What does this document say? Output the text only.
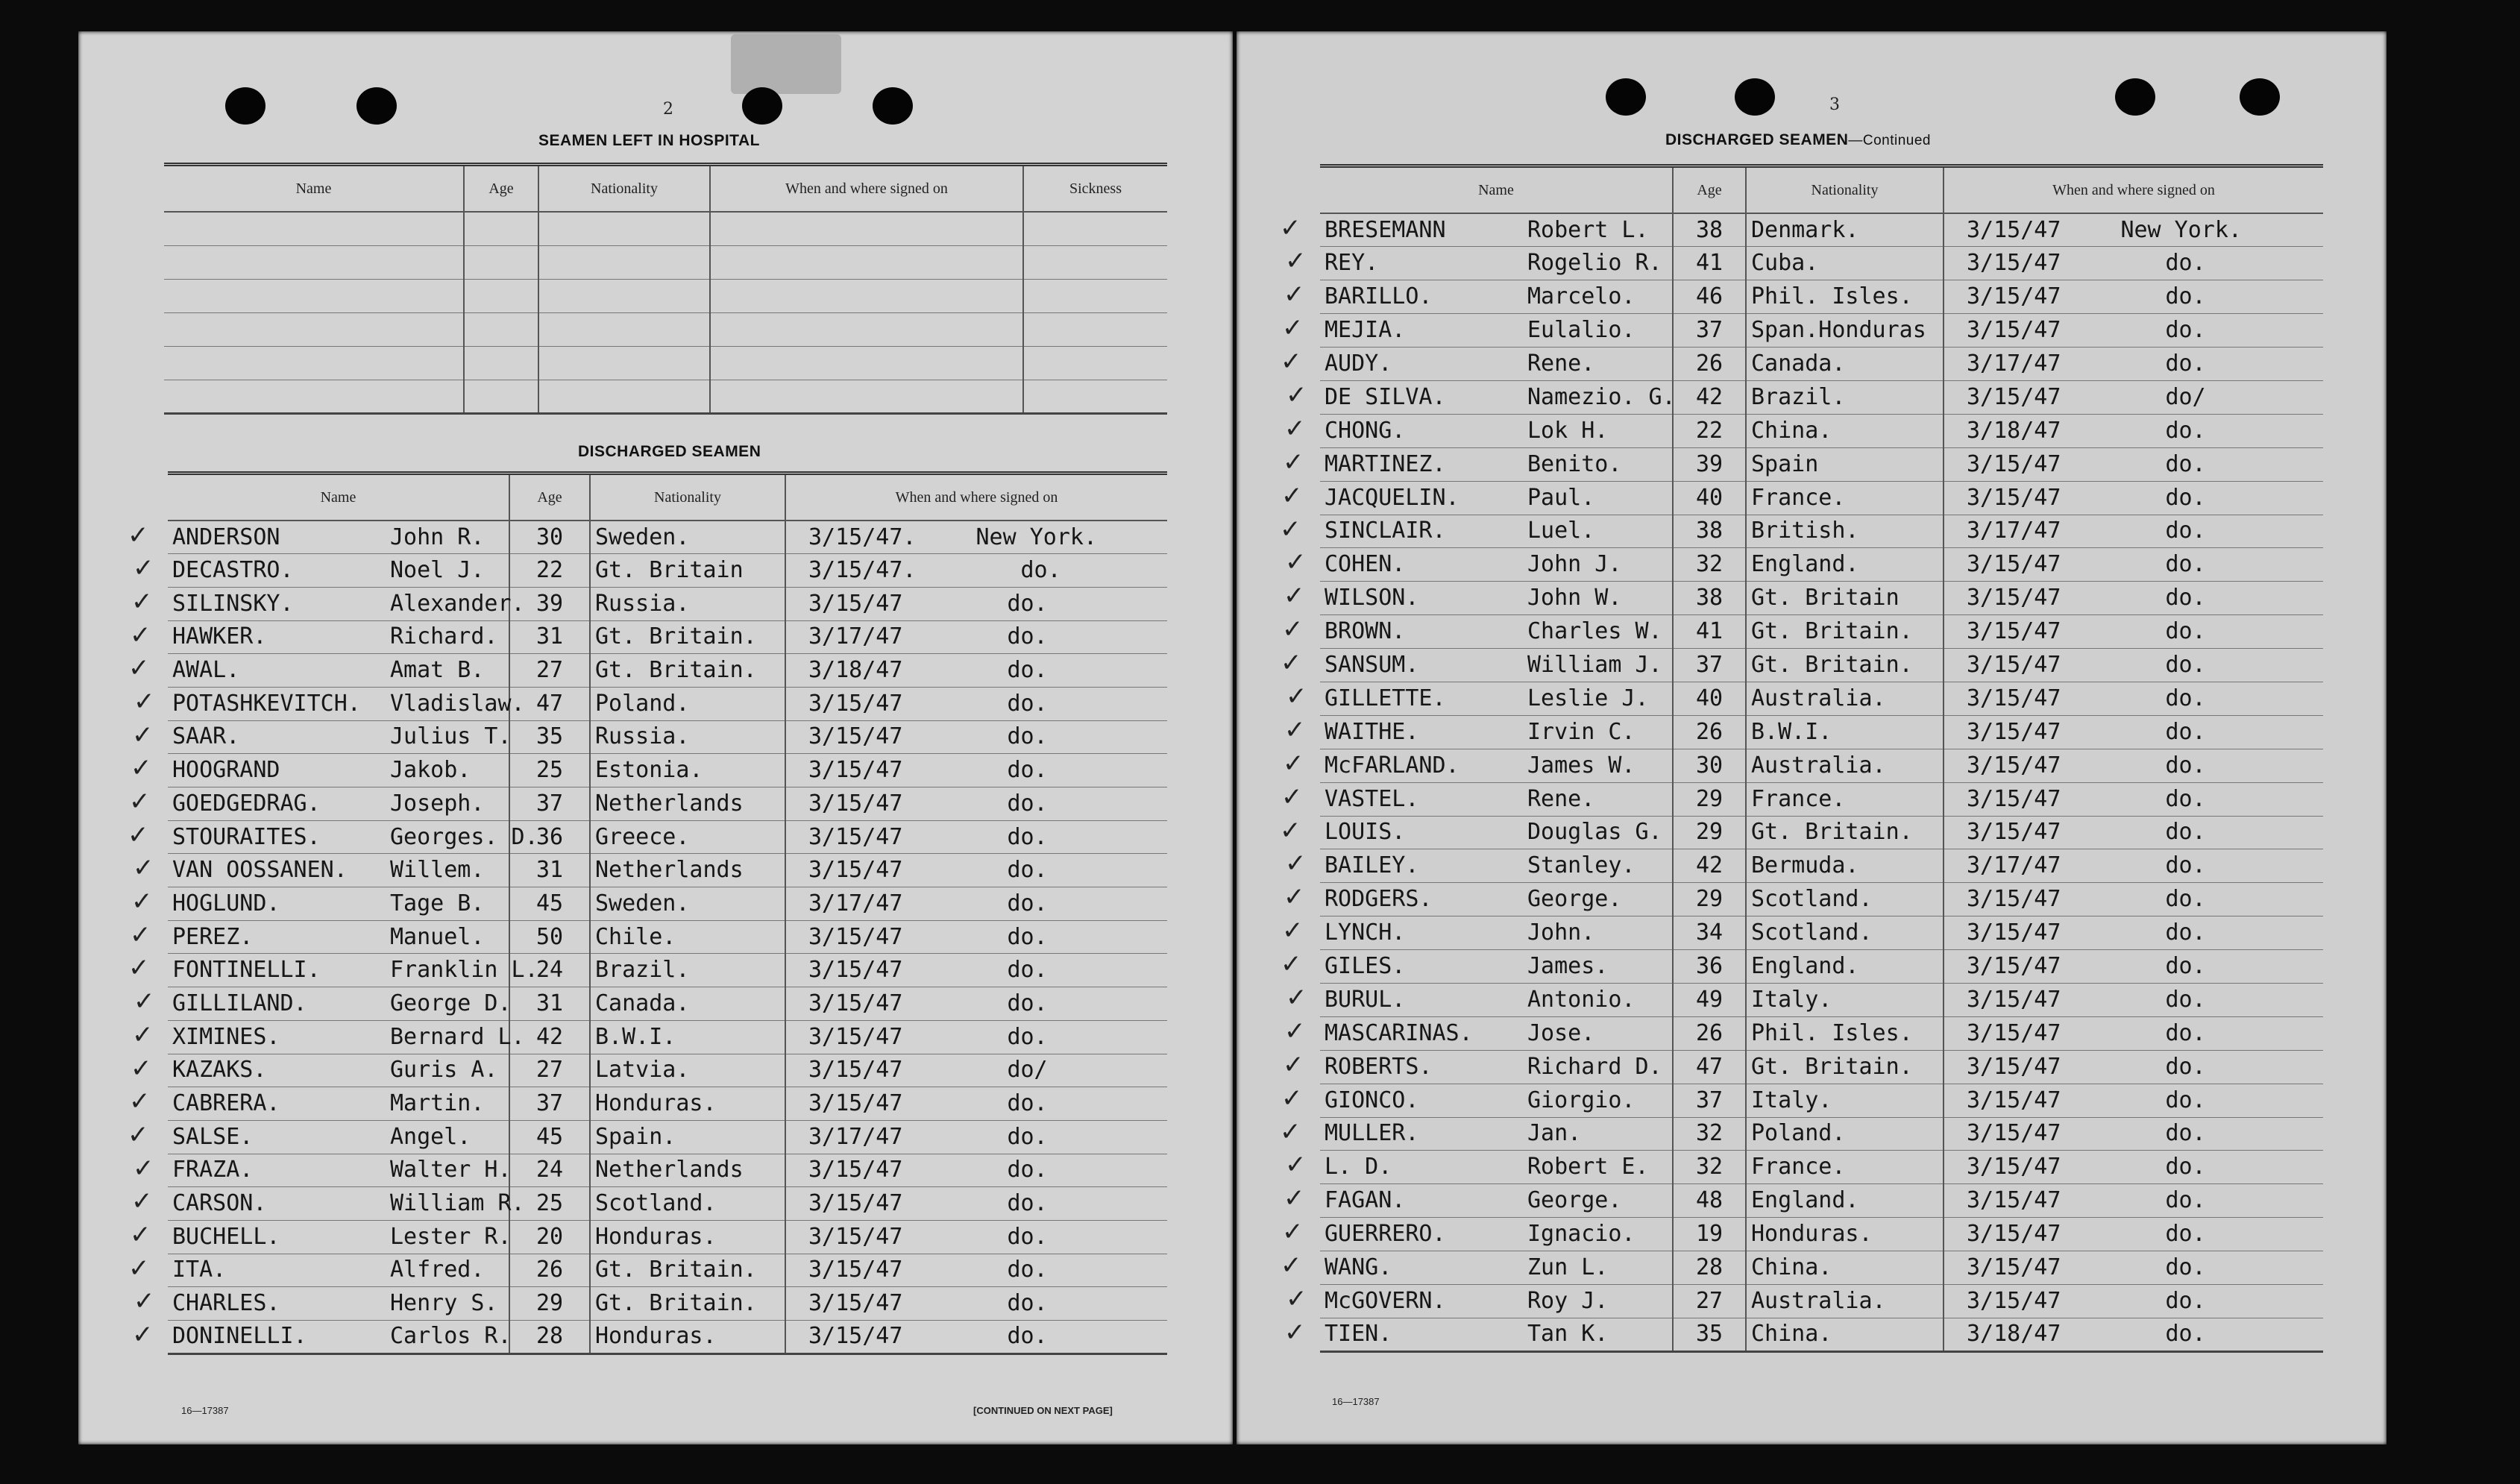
2
SEAMEN LEFT IN HOSPITAL
Name	Age	Nationality	When and where signed on	Sickness

DISCHARGED SEAMEN
Name	Age	Nationality	When and where signed on
ANDERSON John R.	30	Sweden.	3/15/47. New York.
DECASTRO. Noel J.	22	Gt. Britain	3/15/47. do.
SILINSKY. Alexander.	39	Russia.	3/15/47 do.
HAWKER. Richard.	31	Gt. Britain.	3/17/47 do.
AWAL. Amat B.	27	Gt. Britain.	3/18/47 do.
POTASHKEVITCH. Vladislaw.	47	Poland.	3/15/47 do.
SAAR. Julius T.	35	Russia.	3/15/47 do.
HOOGRAND Jakob.	25	Estonia.	3/15/47 do.
GOEDGEDRAG. Joseph.	37	Netherlands	3/15/47 do.
STOURAITES. Georges. D.	36	Greece.	3/15/47 do.
VAN OOSSANEN. Willem.	31	Netherlands	3/15/47 do.
HOGLUND. Tage B.	45	Sweden.	3/17/47 do.
PEREZ. Manuel.	50	Chile.	3/15/47 do.
FONTINELLI. Franklin L.	24	Brazil.	3/15/47 do.
GILLILAND. George D.	31	Canada.	3/15/47 do.
XIMINES. Bernard L.	42	B.W.I.	3/15/47 do.
KAZAKS. Guris A.	27	Latvia.	3/15/47 do/
CABRERA. Martin.	37	Honduras.	3/15/47 do.
SALSE. Angel.	45	Spain.	3/17/47 do.
FRAZA. Walter H.	24	Netherlands	3/15/47 do.
CARSON. William R.	25	Scotland.	3/15/47 do.
BUCHELL. Lester R.	20	Honduras.	3/15/47 do.
ITA. Alfred.	26	Gt. Britain.	3/15/47 do.
CHARLES. Henry S.	29	Gt. Britain.	3/15/47 do.
DONINELLI. Carlos R.	28	Honduras.	3/15/47 do.
16—17387	[CONTINUED ON NEXT PAGE]
✓
✓
✓
✓
✓
✓
✓
✓
✓
✓
✓
✓
✓
✓
✓
✓
✓
✓
✓
✓
✓
✓
✓
✓
✓
3
DISCHARGED SEAMEN—Continued
Name	Age	Nationality	When and where signed on
BRESEMANN Robert L.	38	Denmark.	3/15/47 New York.
REY. Rogelio R.	41	Cuba.	3/15/47 do.
BARILLO. Marcelo.	46	Phil. Isles.	3/15/47 do.
MEJIA. Eulalio.	37	Span.Honduras	3/15/47 do.
AUDY. Rene.	26	Canada.	3/17/47 do.
DE SILVA. Namezio. G.	42	Brazil.	3/15/47 do/
CHONG. Lok H.	22	China.	3/18/47 do.
MARTINEZ. Benito.	39	Spain	3/15/47 do.
JACQUELIN. Paul.	40	France.	3/15/47 do.
SINCLAIR. Luel.	38	British.	3/17/47 do.
COHEN. John J.	32	England.	3/15/47 do.
WILSON. John W.	38	Gt. Britain	3/15/47 do.
BROWN. Charles W.	41	Gt. Britain.	3/15/47 do.
SANSUM. William J.	37	Gt. Britain.	3/15/47 do.
GILLETTE. Leslie J.	40	Australia.	3/15/47 do.
WAITHE. Irvin C.	26	B.W.I.	3/15/47 do.
McFARLAND. James W.	30	Australia.	3/15/47 do.
VASTEL. Rene.	29	France.	3/15/47 do.
LOUIS. Douglas G.	29	Gt. Britain.	3/15/47 do.
BAILEY. Stanley.	42	Bermuda.	3/17/47 do.
RODGERS. George.	29	Scotland.	3/15/47 do.
LYNCH. John.	34	Scotland.	3/15/47 do.
GILES. James.	36	England.	3/15/47 do.
BURUL. Antonio.	49	Italy.	3/15/47 do.
MASCARINAS. Jose.	26	Phil. Isles.	3/15/47 do.
ROBERTS. Richard D.	47	Gt. Britain.	3/15/47 do.
GIONCO. Giorgio.	37	Italy.	3/15/47 do.
MULLER. Jan.	32	Poland.	3/15/47 do.
L. D. Robert E.	32	France.	3/15/47 do.
FAGAN. George.	48	England.	3/15/47 do.
GUERRERO. Ignacio.	19	Honduras.	3/15/47 do.
WANG. Zun L.	28	China.	3/15/47 do.
McGOVERN. Roy J.	27	Australia.	3/15/47 do.
TIEN. Tan K.	35	China.	3/18/47 do.
16—17387
✓
✓
✓
✓
✓
✓
✓
✓
✓
✓
✓
✓
✓
✓
✓
✓
✓
✓
✓
✓
✓
✓
✓
✓
✓
✓
✓
✓
✓
✓
✓
✓
✓
✓
